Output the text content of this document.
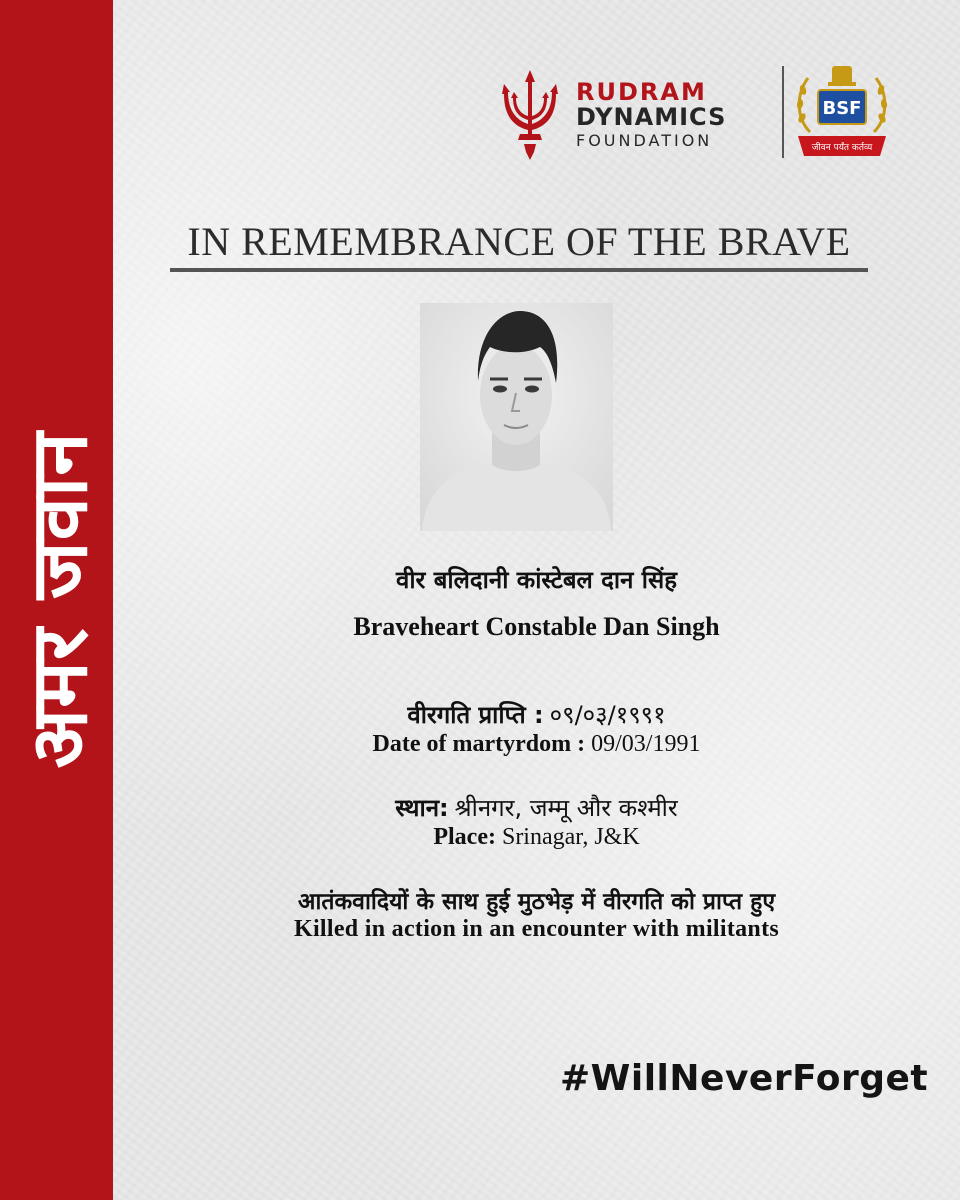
अमर जवान
RUDRAM
DYNAMICS
FOUNDATION
BSF
जीवन पर्यंत कर्तव्य
IN REMEMBRANCE OF THE BRAVE
वीर बलिदानी कांस्टेबल दान सिंह
Braveheart Constable Dan Singh
वीरगति प्राप्ति : ०९/०३/१९९१
Date of martyrdom : 09/03/1991
स्थान: श्रीनगर, जम्मू और कश्मीर
Place: Srinagar, J&K
आतंकवादियों के साथ हुई मुठभेड़ में वीरगति को प्राप्त हुए
Killed in action in an encounter with militants
#WillNeverForget
